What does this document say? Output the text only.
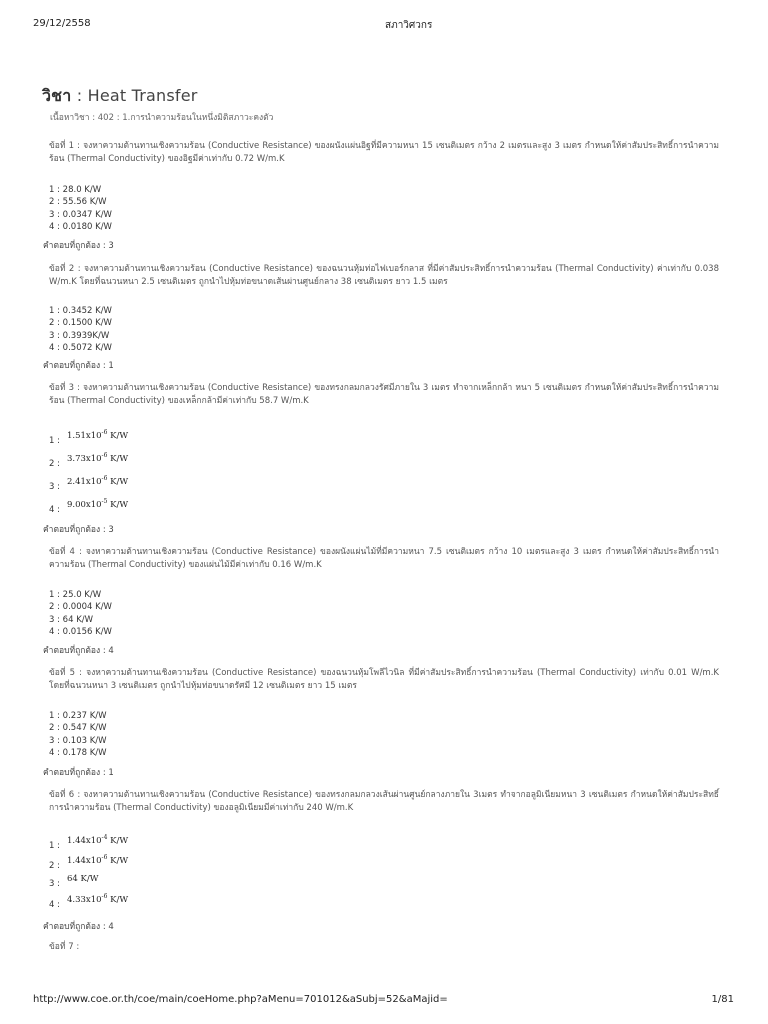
29/12/2558	สภาวิศวกร
วิชา : Heat Transfer
เนื้อหาวิชา : 402 : 1.การนำความร้อนในหนึ่งมิติสภาวะคงตัว
ข้อที่ 1 : จงหาความต้านทานเชิงความร้อน (Conductive Resistance) ของผนังแผ่นอิฐที่มีความหนา 15 เซนติเมตร กว้าง 2 เมตรและสูง 3 เมตร กำหนดให้ค่าสัมประสิทธิ์การนำความร้อน (Thermal Conductivity) ของอิฐมีค่าเท่ากับ 0.72 W/m.K
1 : 28.0 K/W
2 : 55.56 K/W
3 : 0.0347 K/W
4 : 0.0180 K/W
คำตอบที่ถูกต้อง : 3
ข้อที่ 2 : จงหาความต้านทานเชิงความร้อน (Conductive Resistance) ของฉนวนหุ้มท่อไฟเบอร์กลาส ที่มีค่าสัมประสิทธิ์การนำความร้อน (Thermal Conductivity) ค่าเท่ากับ 0.038 W/m.K โดยที่ฉนวนหนา 2.5 เซนติเมตร ถูกนำไปหุ้มท่อขนาดเส้นผ่านศูนย์กลาง 38 เซนติเมตร ยาว 1.5 เมตร
1 : 0.3452 K/W
2 : 0.1500 K/W
3 : 0.3939K/W
4 : 0.5072 K/W
คำตอบที่ถูกต้อง : 1
ข้อที่ 3 : จงหาความต้านทานเชิงความร้อน (Conductive Resistance) ของทรงกลมกลวงรัศมีภายใน 3 เมตร ทำจากเหล็กกล้า หนา 5 เซนติเมตร กำหนดให้ค่าสัมประสิทธิ์การนำความร้อน (Thermal Conductivity) ของเหล็กกล้ามีค่าเท่ากับ 58.7 W/m.K
1 : $1.51x10^{-6}$ K/W
2 : $3.73x10^{-6}$ K/W
3 : $2.41x10^{-6}$ K/W
4 : $9.00x10^{-5}$ K/W
คำตอบที่ถูกต้อง : 3
ข้อที่ 4 : จงหาความต้านทานเชิงความร้อน (Conductive Resistance) ของผนังแผ่นไม้ที่มีความหนา 7.5 เซนติเมตร กว้าง 10 เมตรและสูง 3 เมตร กำหนดให้ค่าสัมประสิทธิ์การนำความร้อน (Thermal Conductivity) ของแผ่นไม้มีค่าเท่ากับ 0.16 W/m.K
1 : 25.0 K/W
2 : 0.0004 K/W
3 : 64 K/W
4 : 0.0156 K/W
คำตอบที่ถูกต้อง : 4
ข้อที่ 5 : จงหาความต้านทานเชิงความร้อน (Conductive Resistance) ของฉนวนหุ้มโพลีไวนิล ที่มีค่าสัมประสิทธิ์การนำความร้อน (Thermal Conductivity) เท่ากับ 0.01 W/m.K โดยที่ฉนวนหนา 3 เซนติเมตร ถูกนำไปหุ้มท่อขนาดรัศมี 12 เซนติเมตร ยาว 15 เมตร
1 : 0.237 K/W
2 : 0.547 K/W
3 : 0.103 K/W
4 : 0.178 K/W
คำตอบที่ถูกต้อง : 1
ข้อที่ 6 : จงหาความต้านทานเชิงความร้อน (Conductive Resistance) ของทรงกลมกลวงเส้นผ่านศูนย์กลางภายใน 3เมตร ทำจากอลูมิเนียมหนา 3 เซนติเมตร กำหนดให้ค่าสัมประสิทธิ์การนำความร้อน (Thermal Conductivity) ของอลูมิเนียมมีค่าเท่ากับ 240 W/m.K
1 : $1.44x10^{-4}$ K/W
2 : $1.44x10^{-6}$ K/W
3 : 64 K/W
4 : $4.33x10^{-6}$ K/W
คำตอบที่ถูกต้อง : 4
ข้อที่ 7 :
http://www.coe.or.th/coe/main/coeHome.php?aMenu=701012&aSubj=52&aMajid=	1/81
